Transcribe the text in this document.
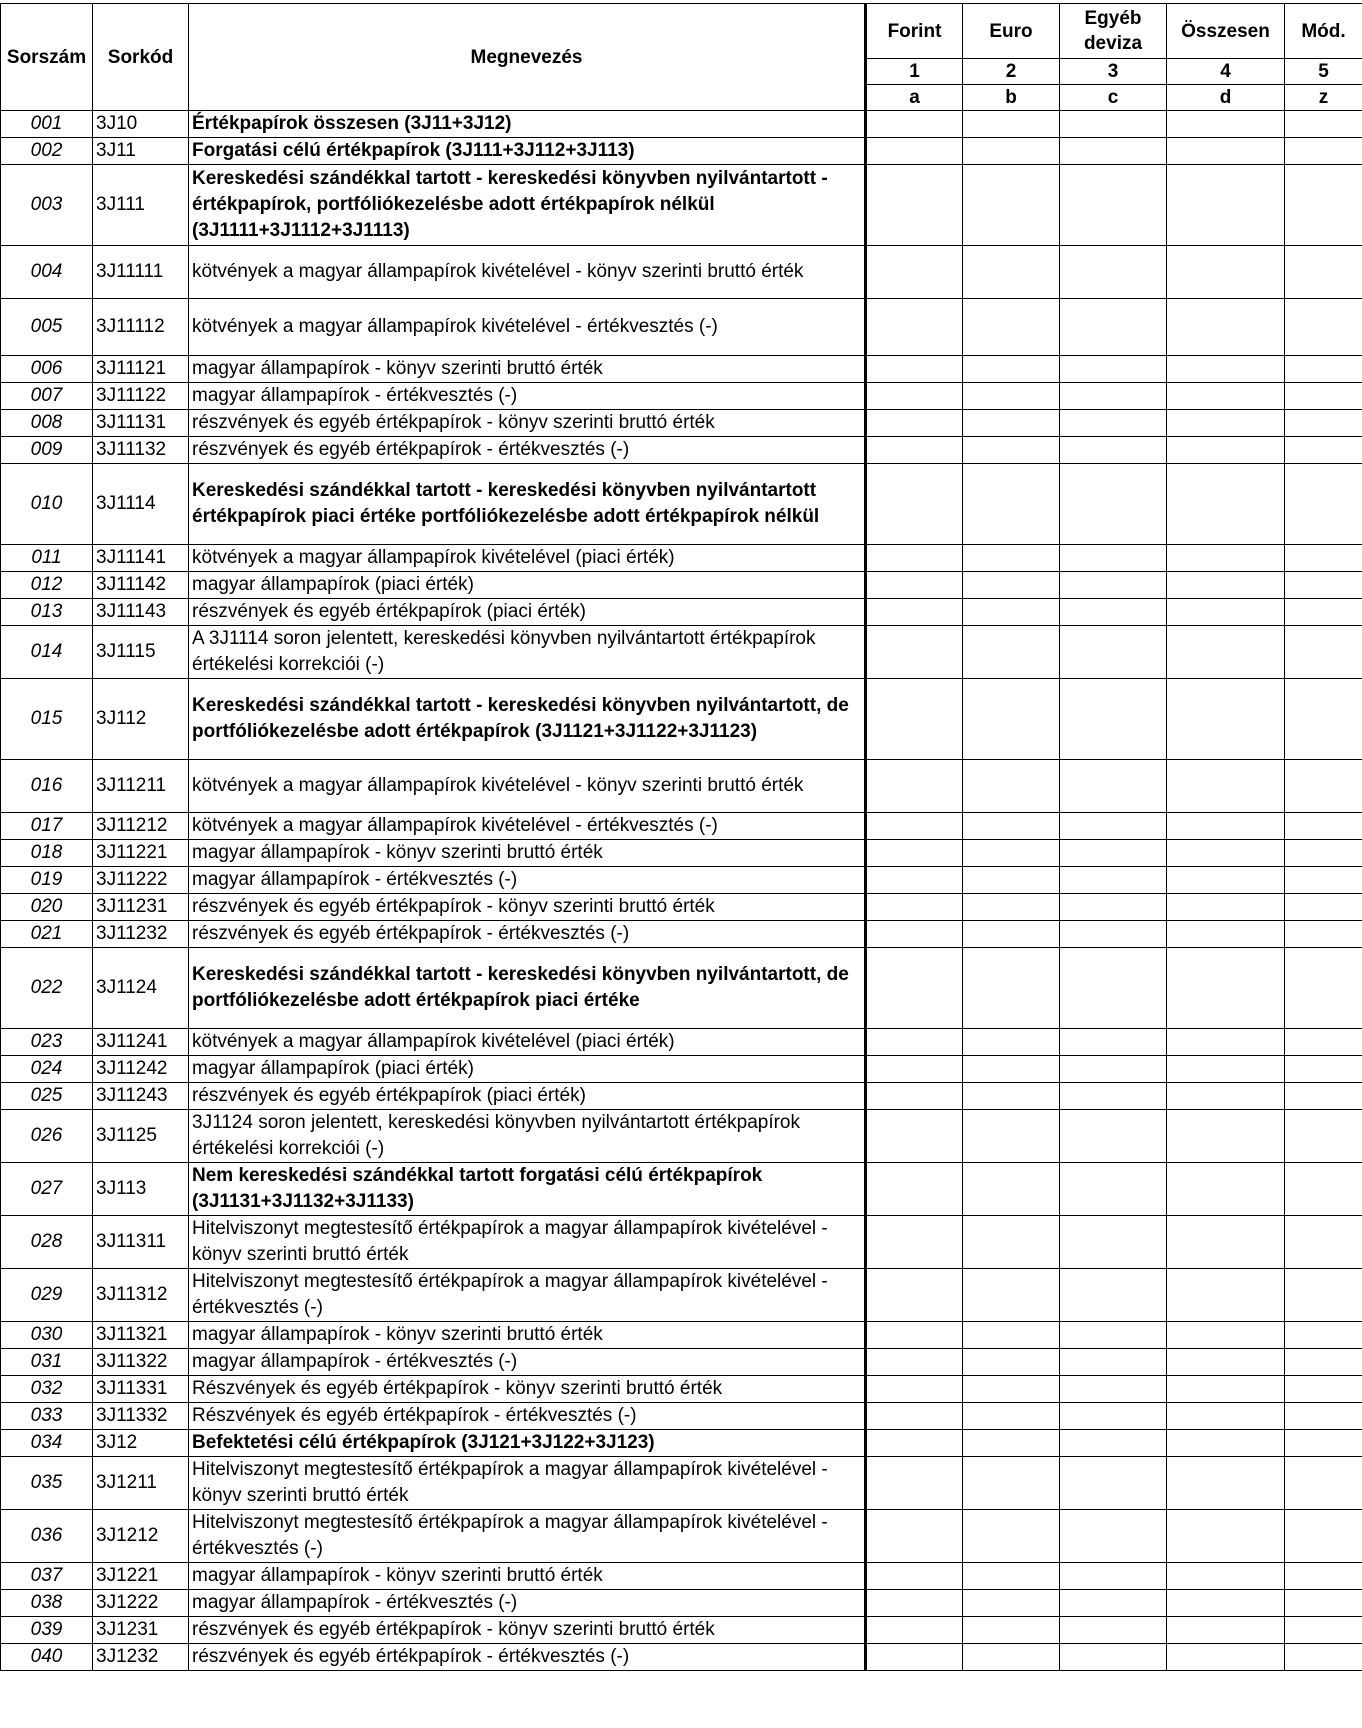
Sorszám	Sorkód	Megnevezés	Forint	Euro	Egyéb deviza	Összesen	Mód.
			1	2	3	4	5
			a	b	c	d	z
001	3J10	Értékpapírok összesen (3J11+3J12)					
002	3J11	Forgatási célú értékpapírok (3J111+3J112+3J113)					
003	3J111	Kereskedési szándékkal tartott - kereskedési könyvben nyilvántartott - értékpapírok, portfóliókezelésbe adott értékpapírok nélkül (3J1111+3J1112+3J1113)					
004	3J11111	kötvények a magyar állampapírok kivételével - könyv szerinti bruttó érték					
005	3J11112	kötvények a magyar állampapírok kivételével - értékvesztés (-)					
006	3J11121	magyar állampapírok - könyv szerinti bruttó érték					
007	3J11122	magyar állampapírok - értékvesztés (-)					
008	3J11131	részvények és egyéb értékpapírok - könyv szerinti bruttó érték					
009	3J11132	részvények és egyéb értékpapírok - értékvesztés (-)					
010	3J1114	Kereskedési szándékkal tartott - kereskedési könyvben nyilvántartott értékpapírok piaci értéke portfóliókezelésbe adott értékpapírok nélkül					
011	3J11141	kötvények a magyar állampapírok kivételével (piaci érték)					
012	3J11142	magyar állampapírok (piaci érték)					
013	3J11143	részvények és egyéb értékpapírok (piaci érték)					
014	3J1115	A 3J1114 soron jelentett, kereskedési könyvben nyilvántartott értékpapírok értékelési korrekciói (-)					
015	3J112	Kereskedési szándékkal tartott - kereskedési könyvben nyilvántartott, de portfóliókezelésbe adott értékpapírok (3J1121+3J1122+3J1123)					
016	3J11211	kötvények a magyar állampapírok kivételével - könyv szerinti bruttó érték					
017	3J11212	kötvények a magyar állampapírok kivételével - értékvesztés (-)					
018	3J11221	magyar állampapírok - könyv szerinti bruttó érték					
019	3J11222	magyar állampapírok - értékvesztés (-)					
020	3J11231	részvények és egyéb értékpapírok - könyv szerinti bruttó érték					
021	3J11232	részvények és egyéb értékpapírok - értékvesztés (-)					
022	3J1124	Kereskedési szándékkal tartott - kereskedési könyvben nyilvántartott, de portfóliókezelésbe adott értékpapírok piaci értéke					
023	3J11241	kötvények a magyar állampapírok kivételével (piaci érték)					
024	3J11242	magyar állampapírok (piaci érték)					
025	3J11243	részvények és egyéb értékpapírok (piaci érték)					
026	3J1125	3J1124 soron jelentett, kereskedési könyvben nyilvántartott értékpapírok értékelési korrekciói (-)					
027	3J113	Nem kereskedési szándékkal tartott forgatási célú értékpapírok (3J1131+3J1132+3J1133)					
028	3J11311	Hitelviszonyt megtestesítő értékpapírok a magyar állampapírok kivételével - könyv szerinti bruttó érték					
029	3J11312	Hitelviszonyt megtestesítő értékpapírok a magyar állampapírok kivételével - értékvesztés (-)					
030	3J11321	magyar állampapírok - könyv szerinti bruttó érték					
031	3J11322	magyar állampapírok - értékvesztés (-)					
032	3J11331	Részvények és egyéb értékpapírok - könyv szerinti bruttó érték					
033	3J11332	Részvények és egyéb értékpapírok - értékvesztés (-)					
034	3J12	Befektetési célú értékpapírok (3J121+3J122+3J123)					
035	3J1211	Hitelviszonyt megtestesítő értékpapírok a magyar állampapírok kivételével - könyv szerinti bruttó érték					
036	3J1212	Hitelviszonyt megtestesítő értékpapírok a magyar állampapírok kivételével - értékvesztés (-)					
037	3J1221	magyar állampapírok - könyv szerinti bruttó érték					
038	3J1222	magyar állampapírok - értékvesztés (-)					
039	3J1231	részvények és egyéb értékpapírok - könyv szerinti bruttó érték					
040	3J1232	részvények és egyéb értékpapírok - értékvesztés (-)					
